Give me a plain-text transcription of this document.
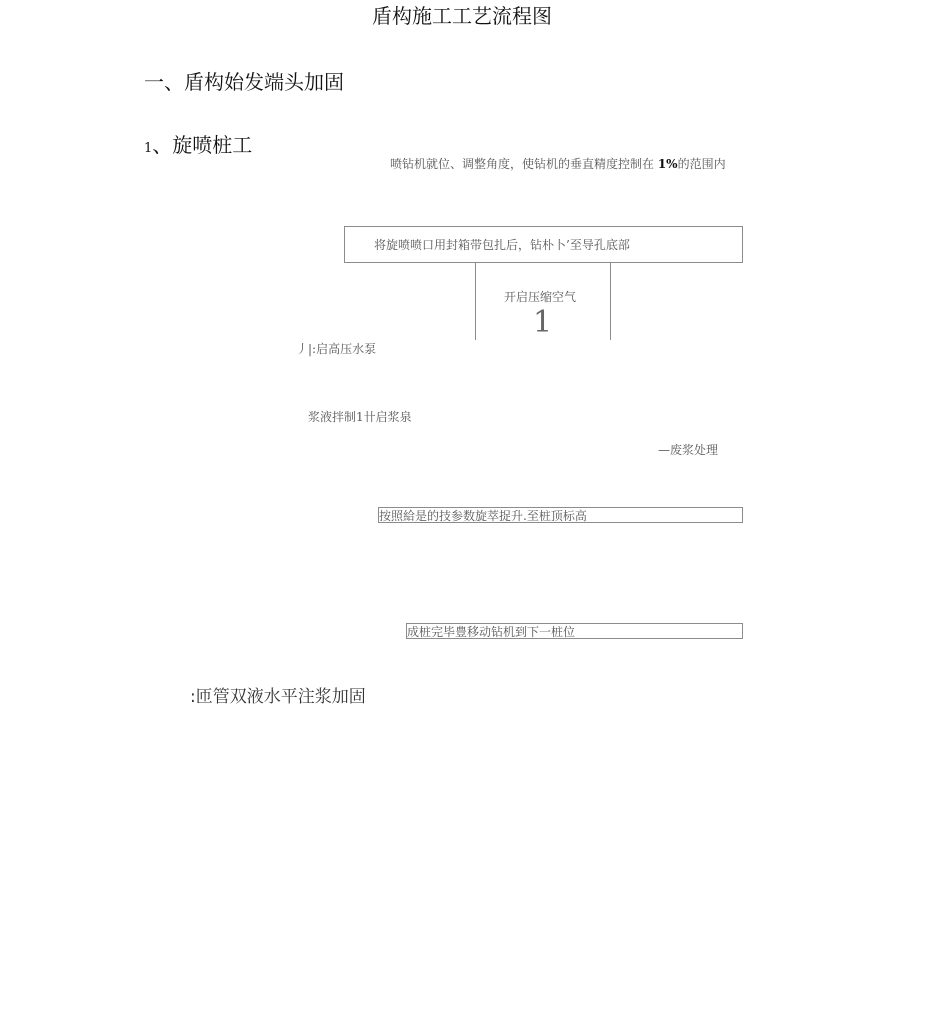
盾构施工工艺流程图
一、盾构始发端头加固
1、旋喷桩工
喷钻机就位、调整角度，使钻机的垂直精度控制在 1%的范围内
将旋喷喷口用封箱带包扎后，钻朴卜’至导孔底部
开启压缩空气
1
丿|:启高压水泵
浆液拌制1卄启浆泉
—废浆处理
按照給是的技参数旋萃捉升.至桩顶标高
成桩完毕豊移动钻机到下一桩位
:匝管双液水平注浆加固
